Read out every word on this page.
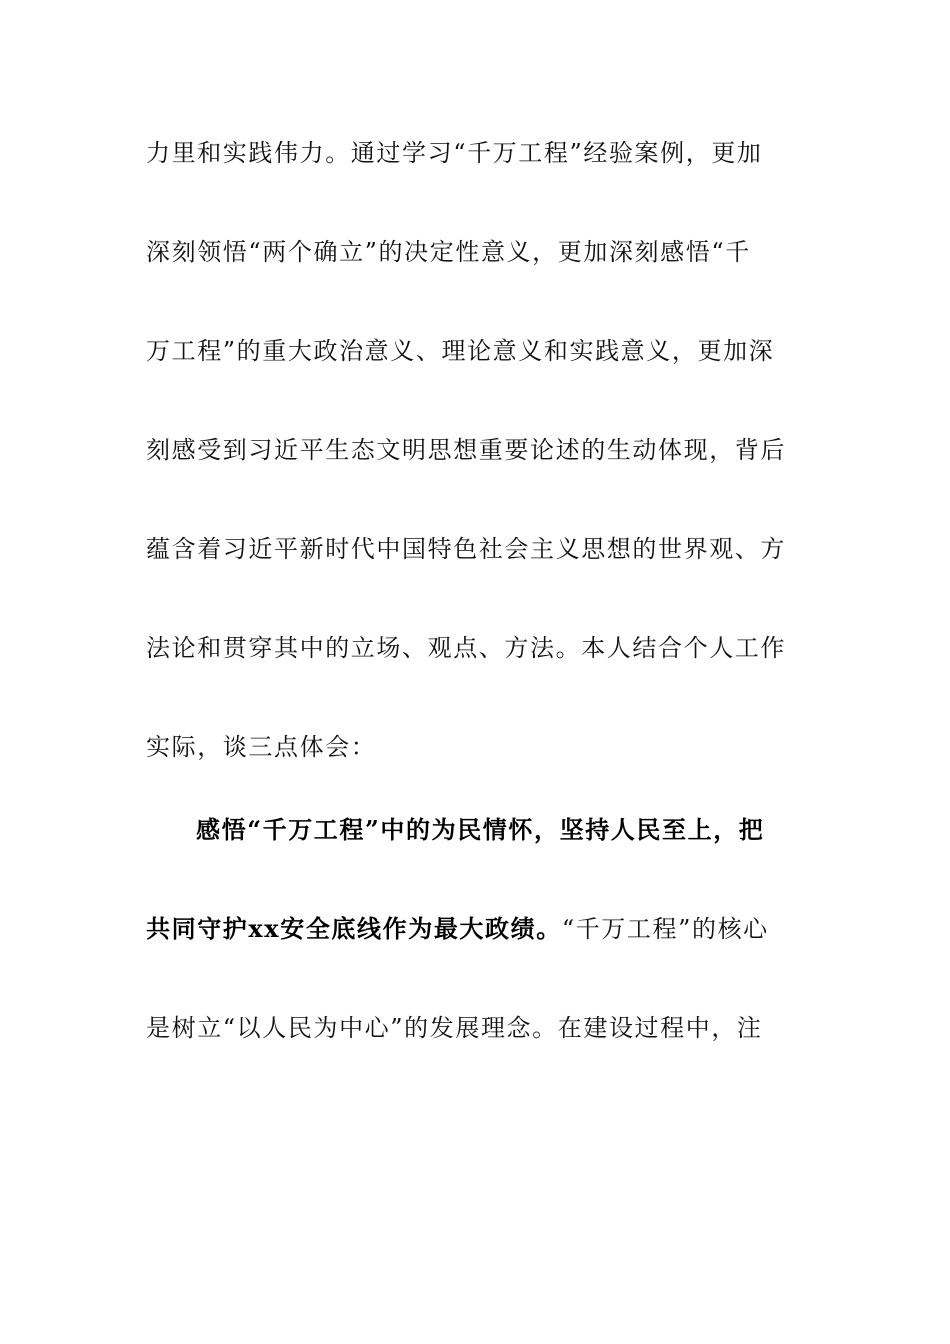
力里和实践伟力。通过学习“千万工程”经验案例，更加
深刻领悟“两个确立”的决定性意义，更加深刻感悟“千
万工程”的重大政治意义、理论意义和实践意义，更加深
刻感受到习近平生态文明思想重要论述的生动体现，背后
蕴含着习近平新时代中国特色社会主义思想的世界观、方
法论和贯穿其中的立场、观点、方法。本人结合个人工作
实际，谈三点体会：
感悟“千万工程”中的为民情怀，坚持人民至上，把
共同守护xx安全底线作为最大政绩。“千万工程”的核心
是树立“以人民为中心”的发展理念。在建设过程中，注
